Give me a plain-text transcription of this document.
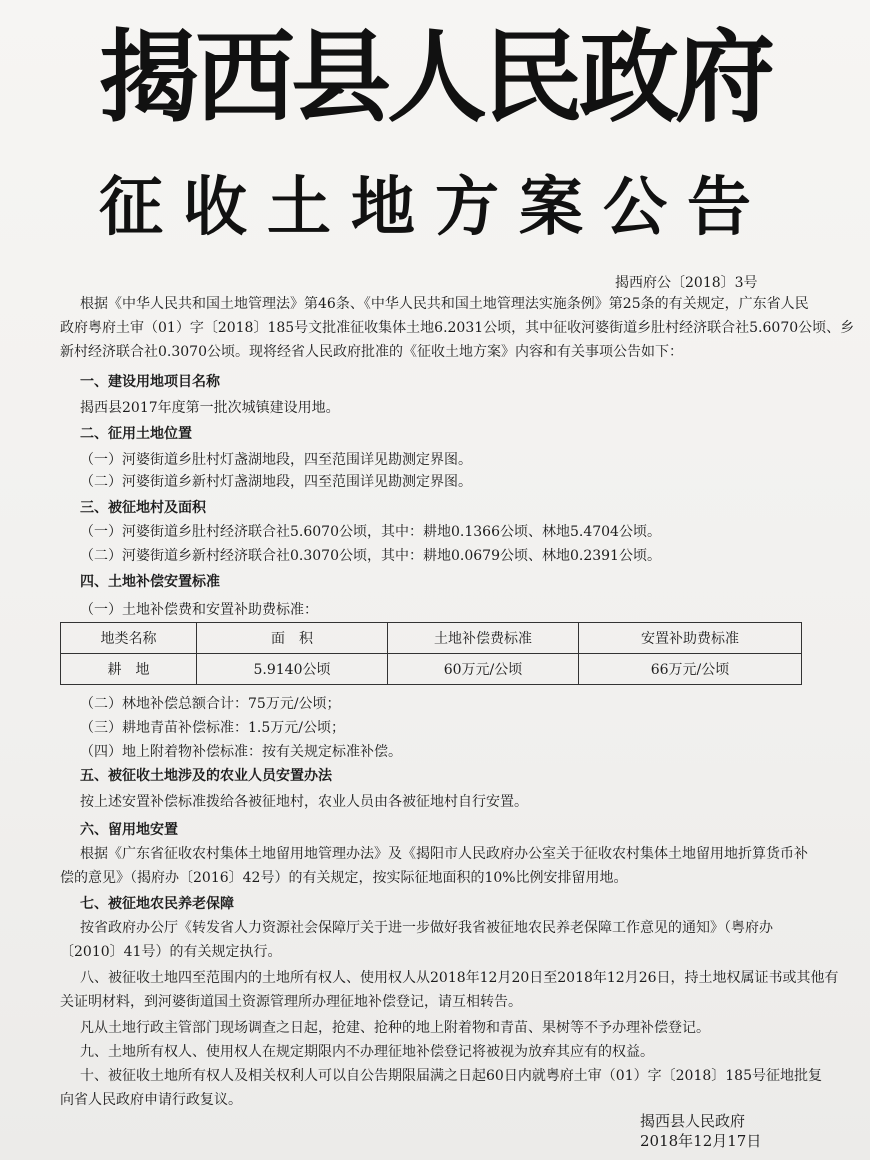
揭西县人民政府
征收土地方案公告
揭西府公〔2018〕3号
根据《中华人民共和国土地管理法》第46条、《中华人民共和国土地管理法实施条例》第25条的有关规定，广东省人民
政府粤府土审（01）字〔2018〕185号文批准征收集体土地6.2031公顷，其中征收河婆街道乡肚村经济联合社5.6070公顷、乡
新村经济联合社0.3070公顷。现将经省人民政府批准的《征收土地方案》内容和有关事项公告如下：
一、建设用地项目名称
揭西县2017年度第一批次城镇建设用地。
二、征用土地位置
（一）河婆街道乡肚村灯盏湖地段，四至范围详见勘测定界图。
（二）河婆街道乡新村灯盏湖地段，四至范围详见勘测定界图。
三、被征地村及面积
（一）河婆街道乡肚村经济联合社5.6070公顷，其中：耕地0.1366公顷、林地5.4704公顷。
（二）河婆街道乡新村经济联合社0.3070公顷，其中：耕地0.0679公顷、林地0.2391公顷。
四、土地补偿安置标准
（一）土地补偿费和安置补助费标准：
地类名称	面　积	土地补偿费标准	安置补助费标准
耕　地	5.9140公顷	60万元/公顷	66万元/公顷
（二）林地补偿总额合计：75万元/公顷；
（三）耕地青苗补偿标准：1.5万元/公顷；
（四）地上附着物补偿标准：按有关规定标准补偿。
五、被征收土地涉及的农业人员安置办法
按上述安置补偿标准拨给各被征地村，农业人员由各被征地村自行安置。
六、留用地安置
根据《广东省征收农村集体土地留用地管理办法》及《揭阳市人民政府办公室关于征收农村集体土地留用地折算货币补
偿的意见》（揭府办〔2016〕42号）的有关规定，按实际征地面积的10%比例安排留用地。
七、被征地农民养老保障
按省政府办公厅《转发省人力资源社会保障厅关于进一步做好我省被征地农民养老保障工作意见的通知》（粤府办
〔2010〕41号）的有关规定执行。
八、被征收土地四至范围内的土地所有权人、使用权人从2018年12月20日至2018年12月26日，持土地权属证书或其他有
关证明材料，到河婆街道国土资源管理所办理征地补偿登记，请互相转告。
凡从土地行政主管部门现场调查之日起，抢建、抢种的地上附着物和青苗、果树等不予办理补偿登记。
九、土地所有权人、使用权人在规定期限内不办理征地补偿登记将被视为放弃其应有的权益。
十、被征收土地所有权人及相关权利人可以自公告期限届满之日起60日内就粤府土审（01）字〔2018〕185号征地批复
向省人民政府申请行政复议。
揭西县人民政府
2018年12月17日
